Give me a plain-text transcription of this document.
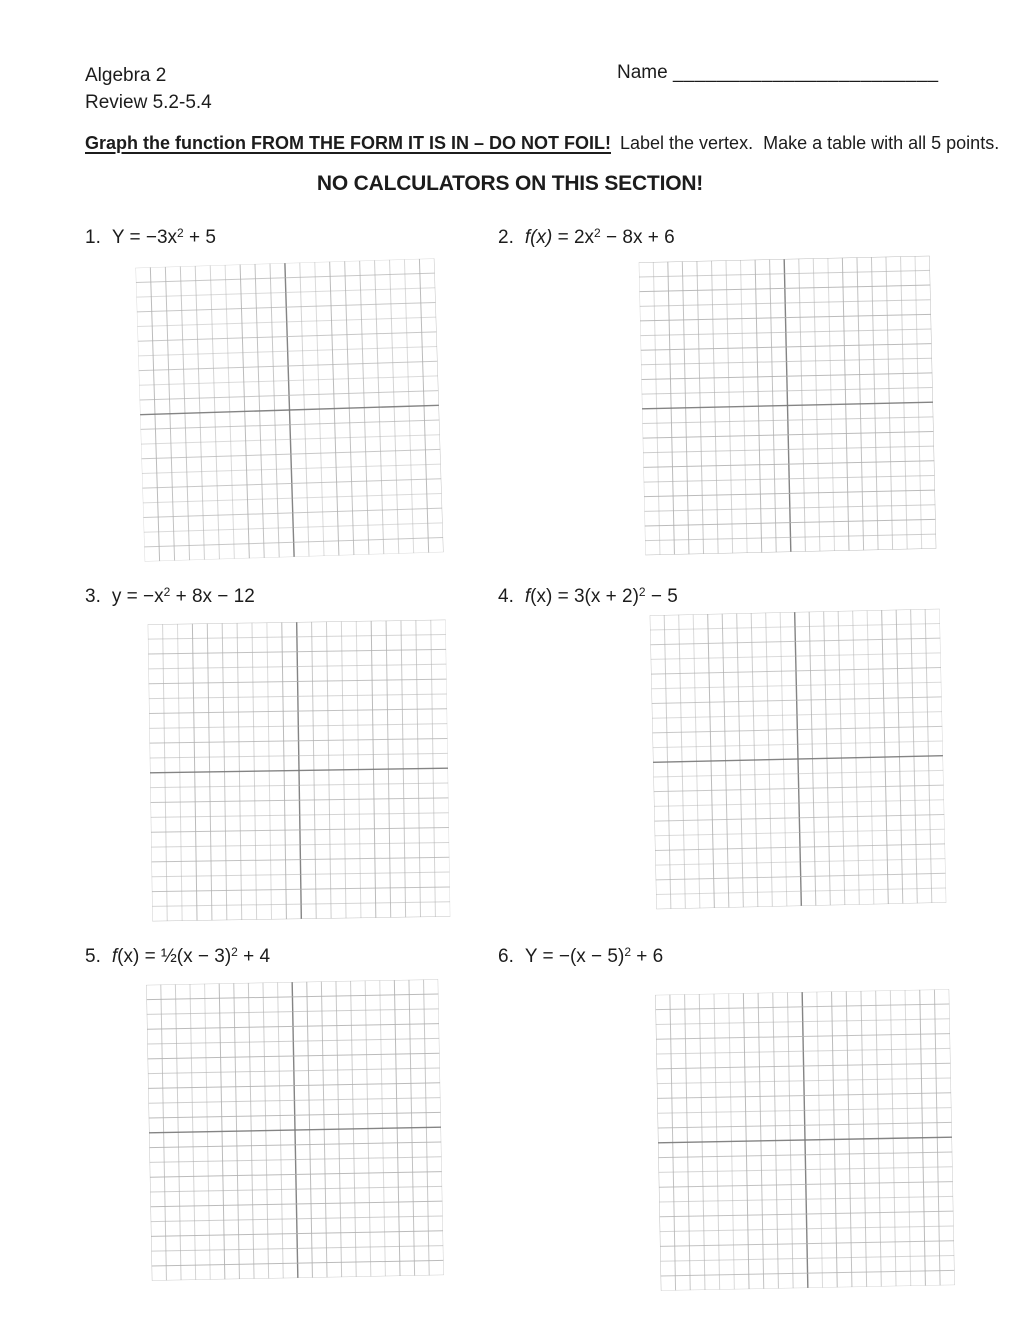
Algebra 2
Review 5.2-5.4
Name ________________________
Graph the function FROM THE FORM IT IS IN – DO NOT FOIL! Label the vertex.  Make a table with all 5 points.
NO CALCULATORS ON THIS SECTION!
1. $Y = -3x^2 + 5$	2. $f(x) = 2x^2 - 8x + 6$
3. $y = -x^2 + 8x - 12$	4. $f(x) = 3(x + 2)^2 - 5$
5. f(x) = ½(x − 3)$^2$ + 4	6. $Y = -(x - 5)^2 + 6$
